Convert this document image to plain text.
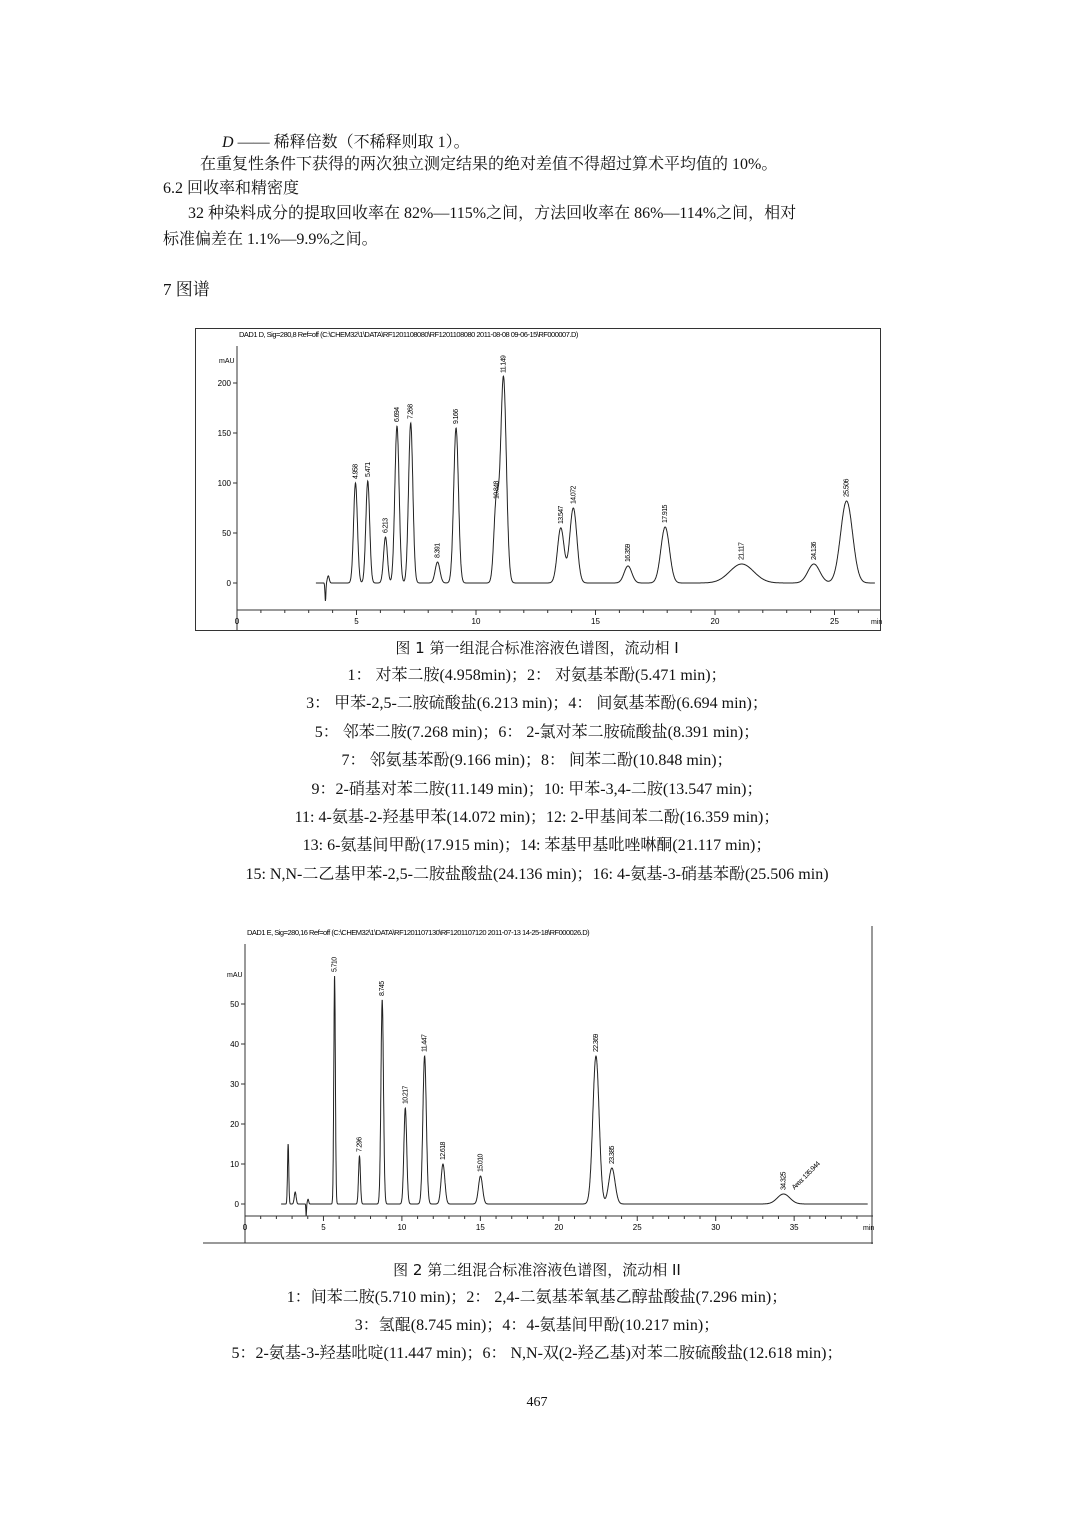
D —— 稀释倍数（不稀释则取 1）。
在重复性条件下获得的两次独立测定结果的绝对差值不得超过算术平均值的 10%。
6.2 回收率和精密度
32 种染料成分的提取回收率在 82%—115%之间，方法回收率在 86%—114%之间，相对
标准偏差在 1.1%—9.9%之间。
7 图谱
DAD1 D, Sig=280,8 Ref=off (C:\CHEM32\1\DATA\RF1201108080\RF1201108080 2011-08-08 09-06-15\RF000007.D)
mAU
0
50
100
150
200
0	5	10	15	20	25	min
4.958 5.471
6.213
6.694 7.268
8.391
9.166
10.848
11.149
13.547
14.072
16.359
17.915
21.117	24.136
25.506
图 1 第一组混合标准溶液色谱图，流动相 I
1： 对苯二胺(4.958min)；2： 对氨基苯酚(5.471 min)；
3： 甲苯-2,5-二胺硫酸盐(6.213 min)；4： 间氨基苯酚(6.694 min)；
5： 邻苯二胺(7.268 min)；6： 2-氯对苯二胺硫酸盐(8.391 min)；
7： 邻氨基苯酚(9.166 min)；8： 间苯二酚(10.848 min)；
9：2-硝基对苯二胺(11.149 min)；10: 甲苯-3,4-二胺(13.547 min)；
11: 4-氨基-2-羟基甲苯(14.072 min)；12: 2-甲基间苯二酚(16.359 min)；
13: 6-氨基间甲酚(17.915 min)；14: 苯基甲基吡唑啉酮(21.117 min)；
15: N,N-二乙基甲苯-2,5-二胺盐酸盐(24.136 min)；16: 4-氨基-3-硝基苯酚(25.506 min)
DAD1 E, Sig=280,16 Ref=off (C:\CHEM32\1\DATA\RF1201107130\RF1201107120 2011-07-13 14-25-18\RF000026.D)
mAU
0
10
20
30
40
50
0	5	10	15	20	25	30	35	min
5.710
7.296
8.745
10.217
11.447
12.618
15.010
22.369
23.385
34.325 Area: 135.944
图 2 第二组混合标准溶液色谱图，流动相 II
1：间苯二胺(5.710 min)；2： 2,4-二氨基苯氧基乙醇盐酸盐(7.296 min)；
3：氢醌(8.745 min)；4：4-氨基间甲酚(10.217 min)；
5：2-氨基-3-羟基吡啶(11.447 min)；6： N,N-双(2-羟乙基)对苯二胺硫酸盐(12.618 min)；
467
